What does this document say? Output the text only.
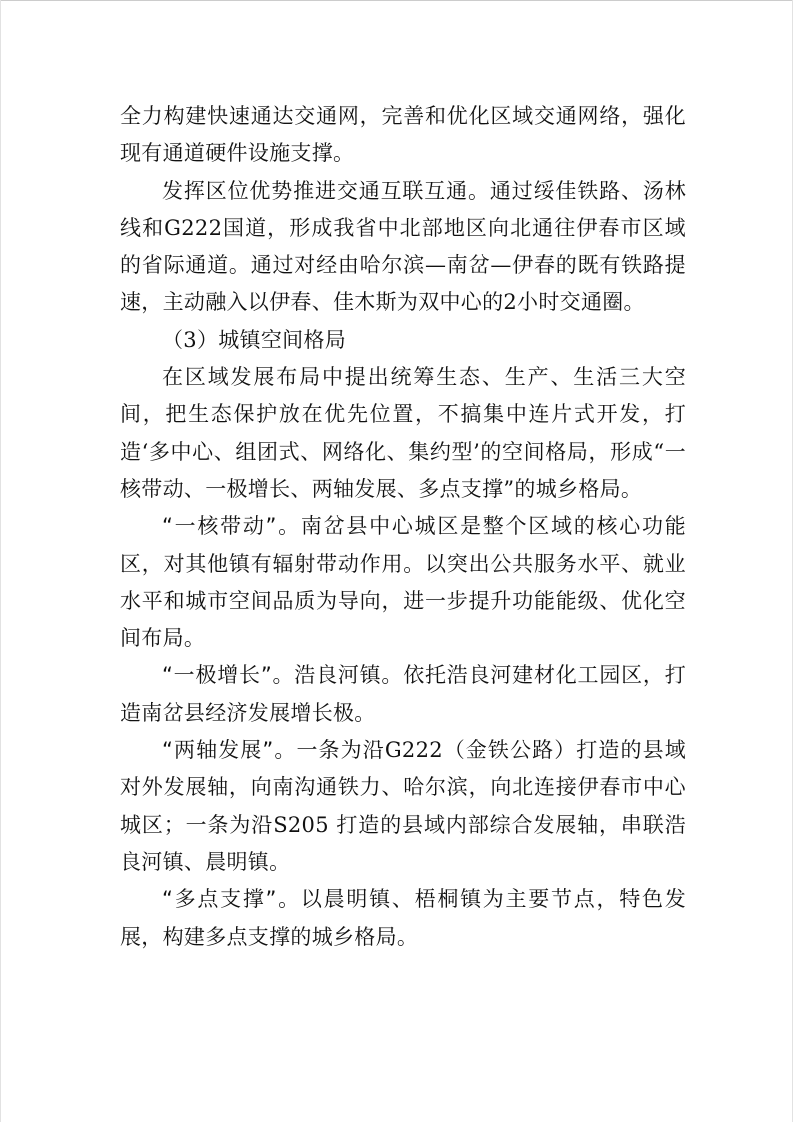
全力构建快速通达交通网，完善和优化区域交通网络，强化现有通道硬件设施支撑。

发挥区位优势推进交通互联互通。通过绥佳铁路、汤林线和G222国道，形成我省中北部地区向北通往伊春市区域的省际通道。通过对经由哈尔滨—南岔—伊春的既有铁路提速，主动融入以伊春、佳木斯为双中心的2小时交通圈。

（3）城镇空间格局

在区域发展布局中提出统筹生态、生产、生活三大空间，把生态保护放在优先位置，不搞集中连片式开发，打造‘多中心、组团式、网络化、集约型’的空间格局，形成“一核带动、一极增长、两轴发展、多点支撑”的城乡格局。

“一核带动”。南岔县中心城区是整个区域的核心功能区，对其他镇有辐射带动作用。以突出公共服务水平、就业水平和城市空间品质为导向，进一步提升功能能级、优化空间布局。

“一极增长”。浩良河镇。依托浩良河建材化工园区，打造南岔县经济发展增长极。

“两轴发展”。一条为沿G222（金铁公路）打造的县域对外发展轴，向南沟通铁力、哈尔滨，向北连接伊春市中心城区；一条为沿S205 打造的县域内部综合发展轴，串联浩良河镇、晨明镇。

“多点支撑”。以晨明镇、梧桐镇为主要节点，特色发展，构建多点支撑的城乡格局。
